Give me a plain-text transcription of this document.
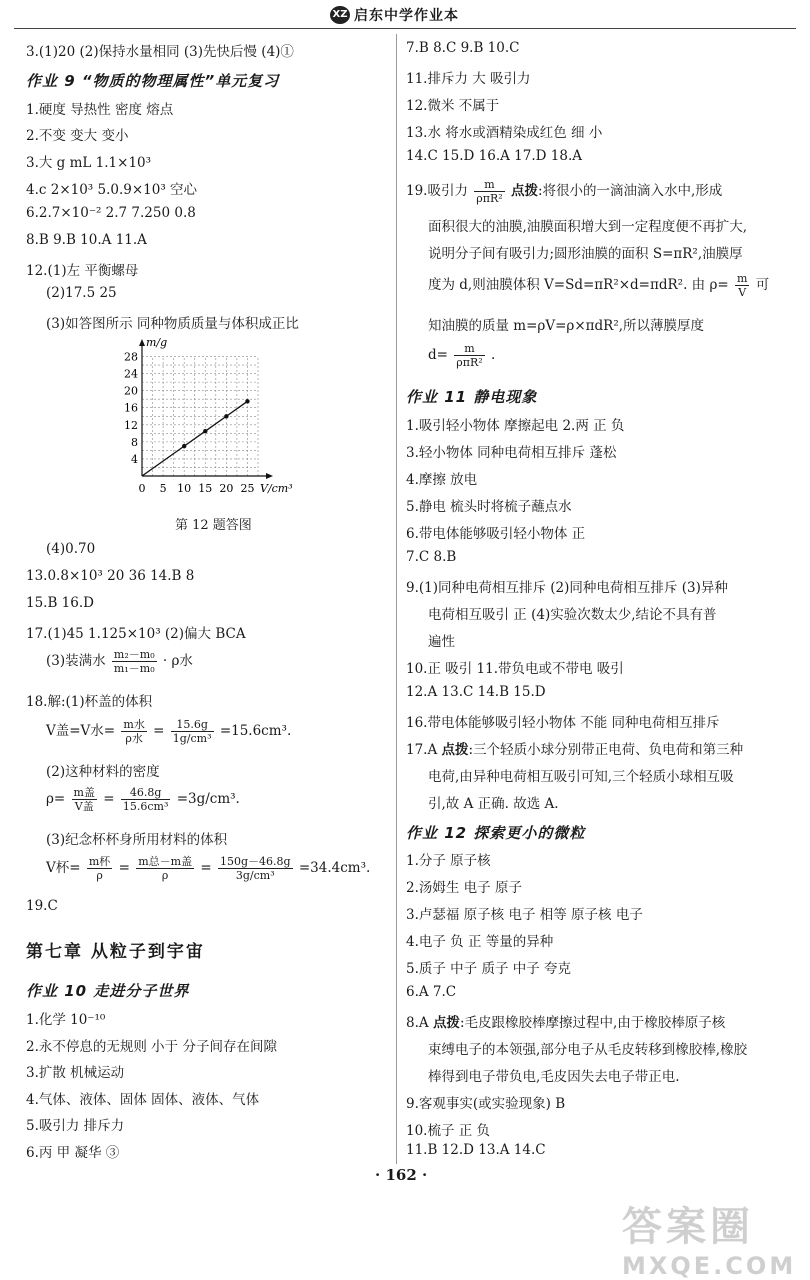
XZ 启东中学作业本
3.(1)20 (2)保持水量相同 (3)先快后慢 (4)①
作业 9 “物质的物理属性”单元复习
1.硬度 导热性 密度 熔点
2.不变 变大 变小
3.大 g mL 1.1×10³
4.c 2×10³ 5.0.9×10³ 空心
6.2.7×10⁻² 2.7 7.250 0.8
8.B 9.B 10.A 11.A
12.(1)左 平衡螺母
(2)17.5 25
(3)如答图所示 同种物质质量与体积成正比
4
8
12
16
20
24
28
0 5 10 15 20 25
m/g
V/cm³
第 12 题答图
(4)0.70
13.0.8×10³ 20 36 14.B 8
15.B 16.D
17.(1)45 1.125×10³ (2)偏大 BCA
(3)装满水 $\frac{\text{m₂－m₀}}{\text{m₁－m₀}} \cdot \rho$水
18.解:(1)杯盖的体积
V盖=V水= $\frac{\text{m水}}{\text{ρ水}} = \frac{15.6g}{\text{1g/cm³}} =15.6cm^3$.
(2)这种材料的密度
$\rho= \frac{\text{m盖}}{\text{V盖}} = \frac{46.8g}{\text{15.6cm³}} =3g/cm^3$.
(3)纪念杯杯身所用材料的体积
V杯= $\frac{\text{m杯}}{\rho} = \frac{\text{m总－m盖}}{\rho} = \frac{150g-46.8g}{\text{3g/cm³}} =34.4cm^3$.
19.C
第七章 从粒子到宇宙
作业 10 走进分子世界
1.化学 10⁻¹⁰
2.永不停息的无规则 小于 分子间存在间隙
3.扩散 机械运动
4.气体、液体、固体 固体、液体、气体
5.吸引力 排斥力
6.丙 甲 凝华 ③
7.B 8.C 9.B 10.C
11.排斥力 大 吸引力
12.微米 不属于
13.水 将水或酒精染成红色 细 小
14.C 15.D 16.A 17.D 18.A
19.吸引力 $\frac{m}{\text{ρπR²}}$ 点拨:将很小的一滴油滴入水中,形成
面积很大的油膜,油膜面积增大到一定程度便不再扩大,
说明分子间有吸引力;圆形油膜的面积 S=πR²,油膜厚
度为 d,则油膜体积 V=Sd=πR²×d=πdR². 由 $\rho= \frac{m}{V}$ 可
知油膜的质量 m=ρV=ρ×πdR²,所以薄膜厚度
$d= \frac{m}{\text{ρπR²}}$ .
作业 11 静电现象
1.吸引轻小物体 摩擦起电 2.两 正 负
3.轻小物体 同种电荷相互排斥 蓬松
4.摩擦 放电
5.静电 梳头时将梳子蘸点水
6.带电体能够吸引轻小物体 正
7.C 8.B
9.(1)同种电荷相互排斥 (2)同种电荷相互排斥 (3)异种
电荷相互吸引 正 (4)实验次数太少,结论不具有普
遍性
10.正 吸引 11.带负电或不带电 吸引
12.A 13.C 14.B 15.D
16.带电体能够吸引轻小物体 不能 同种电荷相互排斥
17.A 点拨:三个轻质小球分别带正电荷、负电荷和第三种
电荷,由异种电荷相互吸引可知,三个轻质小球相互吸
引,故 A 正确. 故选 A.
作业 12 探索更小的微粒
1.分子 原子核
2.汤姆生 电子 原子
3.卢瑟福 原子核 电子 相等 原子核 电子
4.电子 负 正 等量的异种
5.质子 中子 质子 中子 夸克
6.A 7.C
8.A 点拨:毛皮跟橡胶棒摩擦过程中,由于橡胶棒原子核
束缚电子的本领强,部分电子从毛皮转移到橡胶棒,橡胶
棒得到电子带负电,毛皮因失去电子带正电.
9.客观事实(或实验现象) B
10.梳子 正 负
11.B 12.D 13.A 14.C
· 162 ·
答案圈
MXQE.COM
